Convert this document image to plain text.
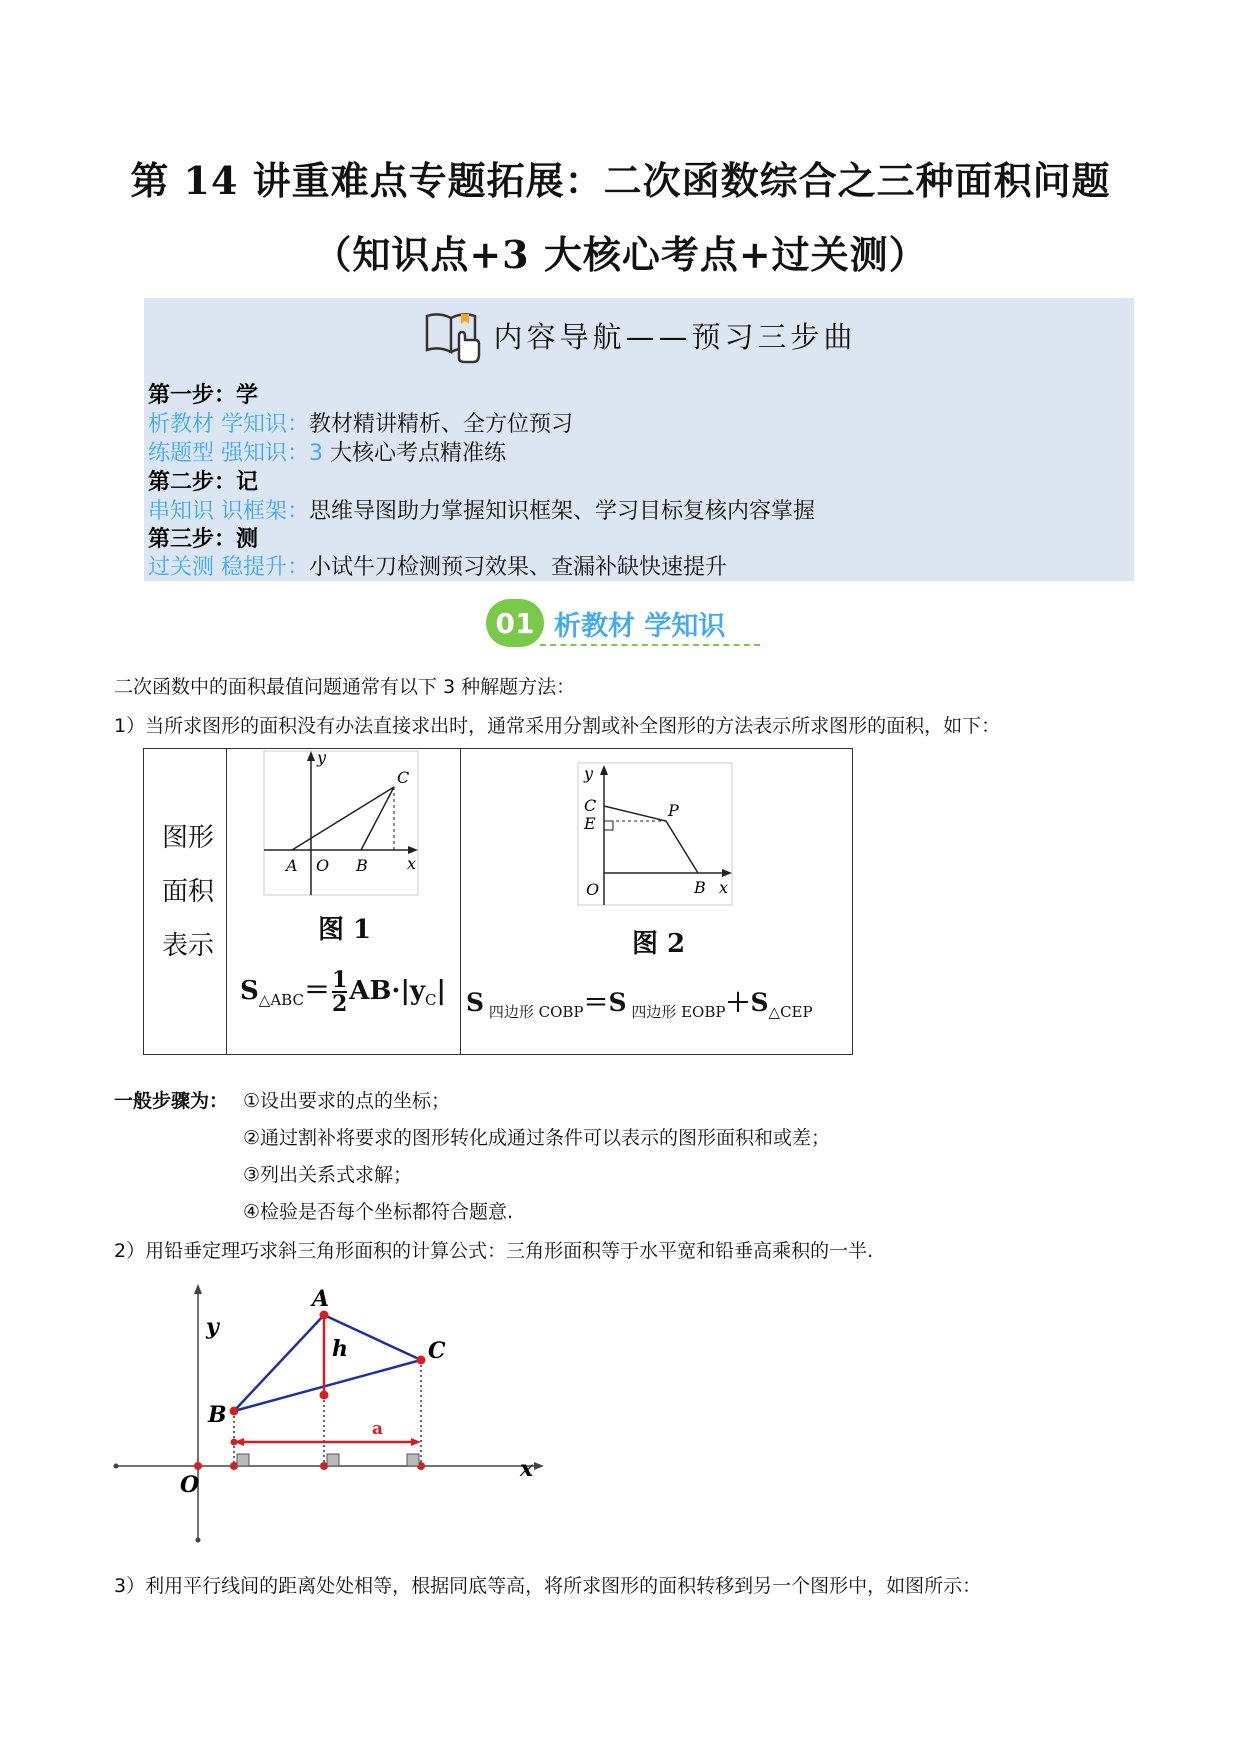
第 14 讲重难点专题拓展：二次函数综合之三种面积问题
（知识点+3 大核心考点+过关测）
内容导航——预习三步曲
第一步：学
析教材 学知识：教材精讲精析、全方位预习
练题型 强知识：3 大核心考点精准练
第二步：记
串知识 识框架：思维导图助力掌握知识框架、学习目标复核内容掌握
第三步：测
过关测 稳提升：小试牛刀检测预习效果、查漏补缺快速提升
01 析教材 学知识
二次函数中的面积最值问题通常有以下 3 种解题方法：
1）当所求图形的面积没有办法直接求出时，通常采用分割或补全图形的方法表示所求图形的面积，如下：
图形
面积
表示
y
x
A O B
C
图 1
$S_{\triangle ABC}= \frac{1}{2} AB\cdot|y_C|$
y
x
C
E
P
O	B
图 2
S $_{四边形 COBP}$＝S $_{四边形 EOBP}+S_{\triangle CEP}$
一般步骤为： ①设出要求的点的坐标；
②通过割补将要求的图形转化成通过条件可以表示的图形面积和或差；
③列出关系式求解；
④检验是否每个坐标都符合题意.
2）用铅垂定理巧求斜三角形面积的计算公式：三角形面积等于水平宽和铅垂高乘积的一半.
A
B
C
h
a
y
x
O
3）利用平行线间的距离处处相等，根据同底等高，将所求图形的面积转移到另一个图形中，如图所示：
